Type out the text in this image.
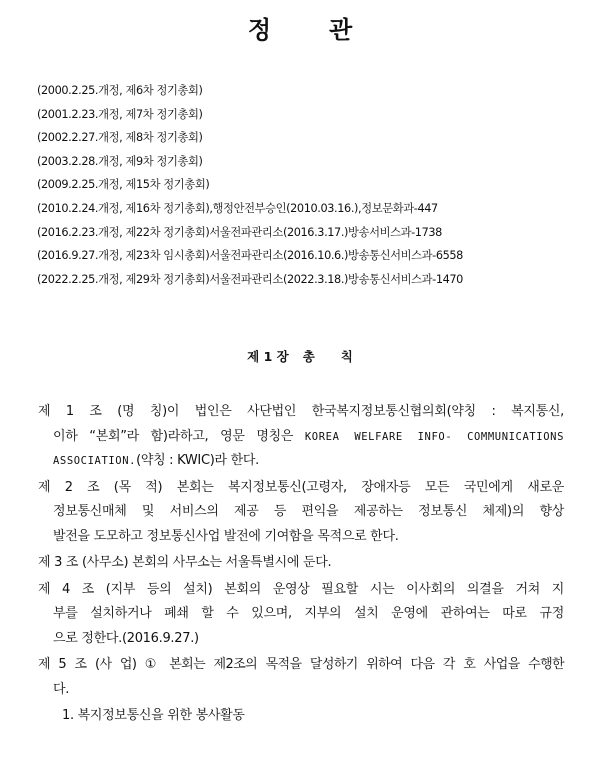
정 관
(2000.2.25.개정, 제6차 정기총회)
(2001.2.23.개정, 제7차 정기총회)
(2002.2.27.개정, 제8차 정기총회)
(2003.2.28.개정, 제9차 정기총회)
(2009.2.25.개정, 제15차 정기총회)
(2010.2.24.개정, 제16차 정기총회),행정안전부승인(2010.03.16.),정보문화과-447
(2016.2.23.개정, 제22차 정기총회)서울전파관리소(2016.3.17.)방송서비스과-1738
(2016.9.27.개정, 제23차 임시총회)서울전파관리소(2016.10.6.)방송통신서비스과-6558
(2022.2.25.개정, 제29차 정기총회)서울전파관리소(2022.3.18.)방송통신서비스과-1470
제 1 장 총 칙
제 1 조 (명 칭)이 법인은 사단법인 한국복지정보통신협의회(약칭 : 복지통신,
이하 “본회”라 함)라하고, 영문 명칭은 KOREA WELFARE INFO- COMMUNICATIONS
ASSOCIATION.(약칭 : KWIC)라 한다.
제 2 조 (목 적) 본회는 복지정보통신(고령자, 장애자등 모든 국민에게 새로운
정보통신매체 및 서비스의 제공 등 편익을 제공하는 정보통신 체제)의 향상
발전을 도모하고 정보통신사업 발전에 기여함을 목적으로 한다.
제 3 조 (사무소) 본회의 사무소는 서울특별시에 둔다.
제 4 조 (지부 등의 설치) 본회의 운영상 필요할 시는 이사회의 의결을 거쳐 지
부를 설치하거나 폐쇄 할 수 있으며, 지부의 설치 운영에 관하여는 따로 규정
으로 정한다.(2016.9.27.)
제 5 조 (사 업) ① 본회는 제2조의 목적을 달성하기 위하여 다음 각 호 사업을 수행한
다.
1. 복지정보통신을 위한 봉사활동
